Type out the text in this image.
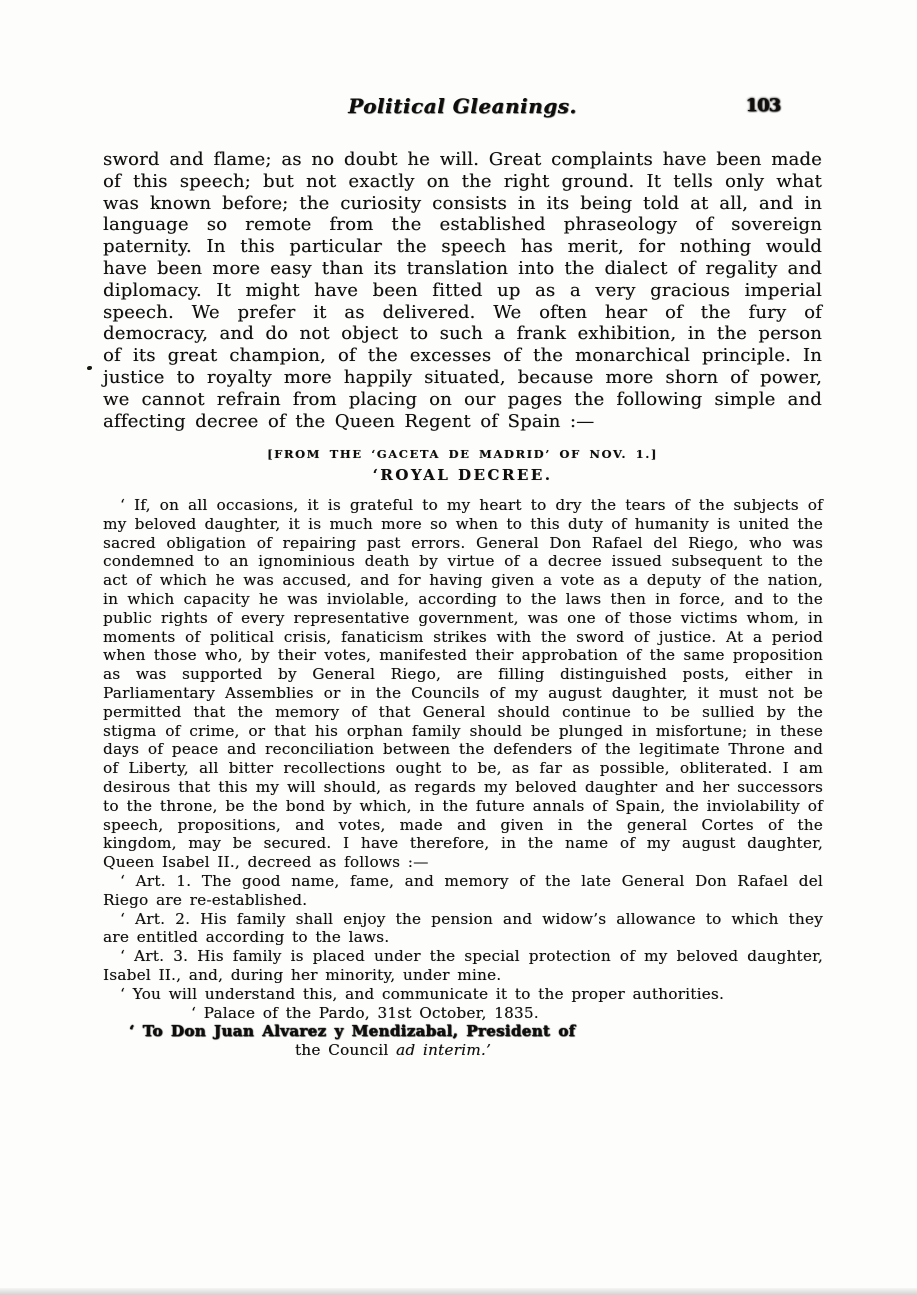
Political Gleanings.	103

sword and flame; as no doubt he will. Great complaints have been made of this speech; but not exactly on the right ground. It tells only what was known before; the curiosity consists in its being told at all, and in language so remote from the established phraseology of sovereign paternity. In this particular the speech has merit, for nothing would have been more easy than its translation into the dialect of regality and diplomacy. It might have been fitted up as a very gracious imperial speech. We prefer it as delivered. We often hear of the fury of democracy, and do not object to such a frank exhibition, in the person of its great champion, of the excesses of the monarchical principle. In justice to royalty more happily situated, because more shorn of power, we cannot refrain from placing on our pages the following simple and affecting decree of the Queen Regent of Spain :—

[FROM THE ‘GACETA DE MADRID’ OF NOV. 1.]
‘ROYAL DECREE.

‘ If, on all occasions, it is grateful to my heart to dry the tears of the subjects of my beloved daughter, it is much more so when to this duty of humanity is united the sacred obligation of repairing past errors. General Don Rafael del Riego, who was condemned to an ignominious death by virtue of a decree issued subsequent to the act of which he was accused, and for having given a vote as a deputy of the nation, in which capacity he was inviolable, according to the laws then in force, and to the public rights of every representative government, was one of those victims whom, in moments of political crisis, fanaticism strikes with the sword of justice. At a period when those who, by their votes, manifested their approbation of the same proposition as was supported by General Riego, are filling distinguished posts, either in Parliamentary Assemblies or in the Councils of my august daughter, it must not be permitted that the memory of that General should continue to be sullied by the stigma of crime, or that his orphan family should be plunged in misfortune; in these days of peace and reconciliation between the defenders of the legitimate Throne and of Liberty, all bitter recollections ought to be, as far as possible, obliterated. I am desirous that this my will should, as regards my beloved daughter and her successors to the throne, be the bond by which, in the future annals of Spain, the inviolability of speech, propositions, and votes, made and given in the general Cortes of the kingdom, may be secured. I have therefore, in the name of my august daughter, Queen Isabel II., decreed as follows :—

‘ Art. 1. The good name, fame, and memory of the late General Don Rafael del Riego are re-established.

‘ Art. 2. His family shall enjoy the pension and widow’s allowance to which they are entitled according to the laws.

‘ Art. 3. His family is placed under the special protection of my beloved daughter, Isabel II., and, during her minority, under mine.

‘ You will understand this, and communicate it to the proper authorities.

‘ Palace of the Pardo, 31st October, 1835.

‘ To Don Juan Alvarez y Mendizabal, President of

the Council ad interim.’
